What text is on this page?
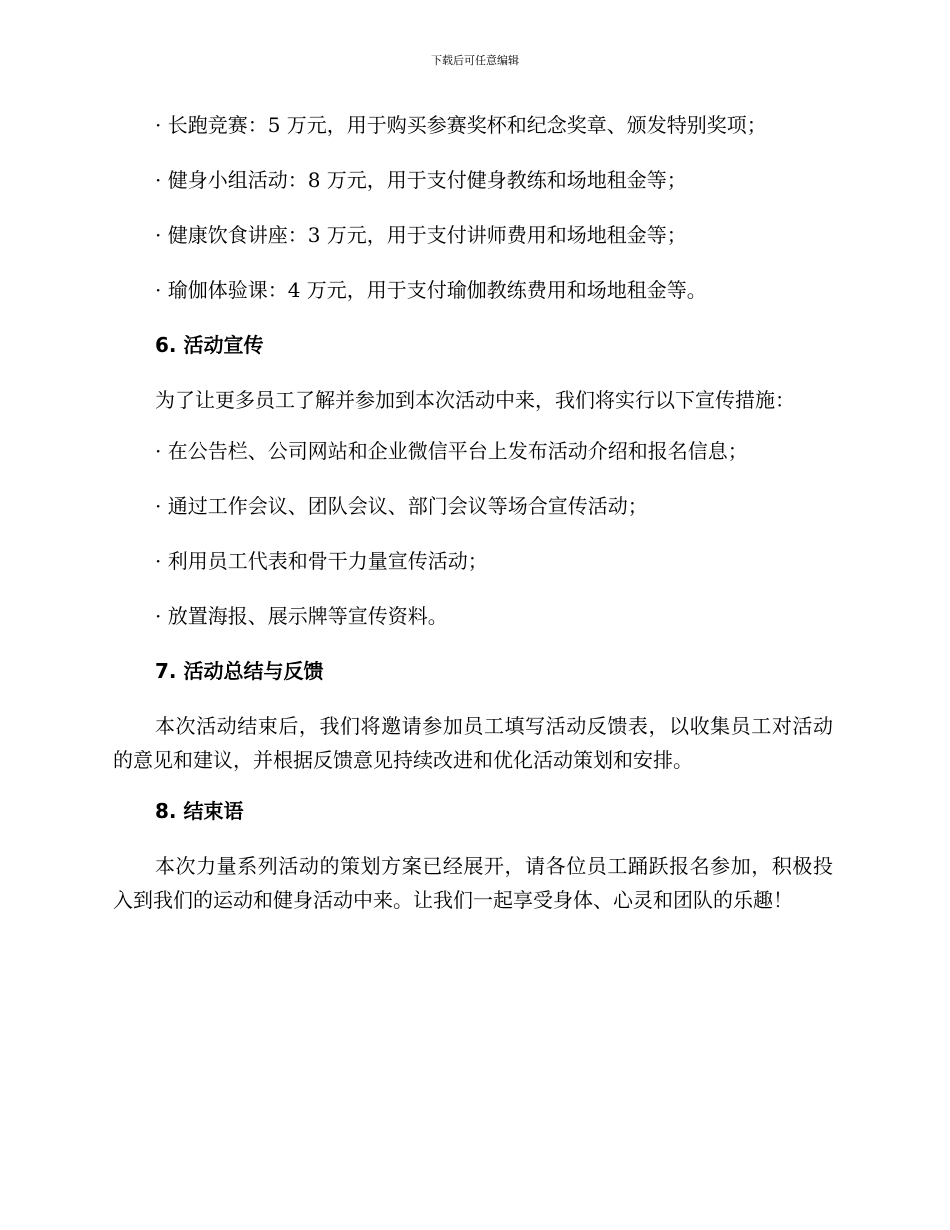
下载后可任意编辑

· 长跑竞赛：5 万元，用于购买参赛奖杯和纪念奖章、颁发特别奖项；

· 健身小组活动：8 万元，用于支付健身教练和场地租金等；

· 健康饮食讲座：3 万元，用于支付讲师费用和场地租金等；

· 瑜伽体验课：4 万元，用于支付瑜伽教练费用和场地租金等。

6. 活动宣传

为了让更多员工了解并参加到本次活动中来，我们将实行以下宣传措施：

· 在公告栏、公司网站和企业微信平台上发布活动介绍和报名信息；

· 通过工作会议、团队会议、部门会议等场合宣传活动；

· 利用员工代表和骨干力量宣传活动；

· 放置海报、展示牌等宣传资料。

7. 活动总结与反馈

本次活动结束后，我们将邀请参加员工填写活动反馈表，以收集员工对活动的意见和建议，并根据反馈意见持续改进和优化活动策划和安排。

8. 结束语

本次力量系列活动的策划方案已经展开，请各位员工踊跃报名参加，积极投入到我们的运动和健身活动中来。让我们一起享受身体、心灵和团队的乐趣！
